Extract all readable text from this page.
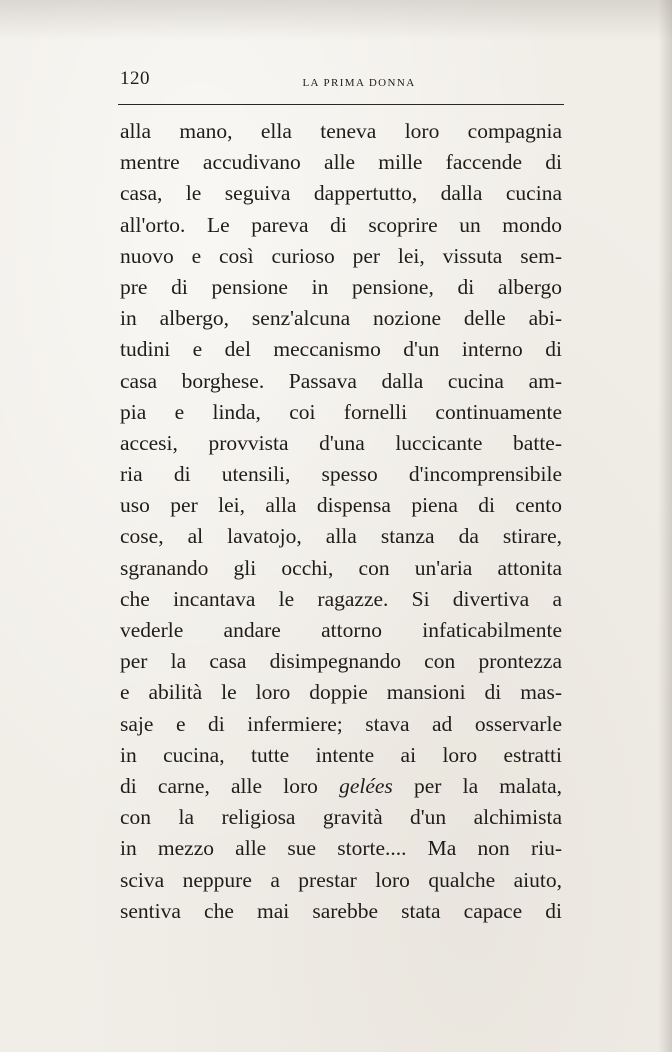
120	LA PRIMA DONNA
alla mano, ella teneva loro compagnia
mentre accudivano alle mille faccende di
casa, le seguiva dappertutto, dalla cucina
all'orto. Le pareva di scoprire un mondo
nuovo e così curioso per lei, vissuta sem-
pre di pensione in pensione, di albergo
in albergo, senz'alcuna nozione delle abi-
tudini e del meccanismo d'un interno di
casa borghese. Passava dalla cucina am-
pia e linda, coi fornelli continuamente
accesi, provvista d'una luccicante batte-
ria di utensili, spesso d'incomprensibile
uso per lei, alla dispensa piena di cento
cose, al lavatojo, alla stanza da stirare,
sgranando gli occhi, con un'aria attonita
che incantava le ragazze. Si divertiva a
vederle andare attorno infaticabilmente
per la casa disimpegnando con prontezza
e abilità le loro doppie mansioni di mas-
saje e di infermiere; stava ad osservarle
in cucina, tutte intente ai loro estratti
di carne, alle loro gelées per la malata,
con la religiosa gravità d'un alchimista
in mezzo alle sue storte.... Ma non riu-
sciva neppure a prestar loro qualche aiuto,
sentiva che mai sarebbe stata capace di
